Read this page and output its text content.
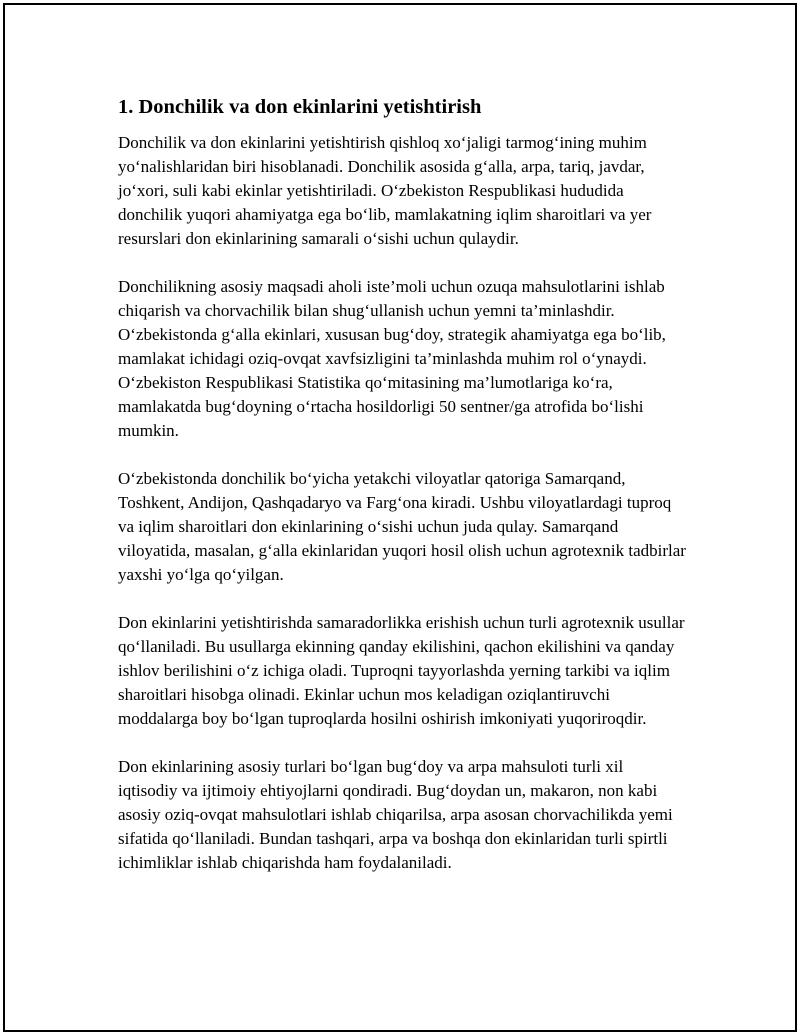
1. Donchilik va don ekinlarini yetishtirish

Donchilik va don ekinlarini yetishtirish qishloq xo‘jaligi tarmog‘ining muhim yo‘nalishlaridan biri hisoblanadi. Donchilik asosida g‘alla, arpa, tariq, javdar, jo‘xori, suli kabi ekinlar yetishtiriladi. O‘zbekiston Respublikasi hududida donchilik yuqori ahamiyatga ega bo‘lib, mamlakatning iqlim sharoitlari va yer resurslari don ekinlarining samarali o‘sishi uchun qulaydir.

Donchilikning asosiy maqsadi aholi iste’moli uchun ozuqa mahsulotlarini ishlab chiqarish va chorvachilik bilan shug‘ullanish uchun yemni ta’minlashdir. O‘zbekistonda g‘alla ekinlari, xususan bug‘doy, strategik ahamiyatga ega bo‘lib, mamlakat ichidagi oziq-ovqat xavfsizligini ta’minlashda muhim rol o‘ynaydi. O‘zbekiston Respublikasi Statistika qo‘mitasining ma’lumotlariga ko‘ra, mamlakatda bug‘doyning o‘rtacha hosildorligi 50 sentner/ga atrofida bo‘lishi mumkin.

O‘zbekistonda donchilik bo‘yicha yetakchi viloyatlar qatoriga Samarqand, Toshkent, Andijon, Qashqadaryo va Farg‘ona kiradi. Ushbu viloyatlardagi tuproq va iqlim sharoitlari don ekinlarining o‘sishi uchun juda qulay. Samarqand viloyatida, masalan, g‘alla ekinlaridan yuqori hosil olish uchun agrotexnik tadbirlar yaxshi yo‘lga qo‘yilgan.

Don ekinlarini yetishtirishda samaradorlikka erishish uchun turli agrotexnik usullar qo‘llaniladi. Bu usullarga ekinning qanday ekilishini, qachon ekilishini va qanday ishlov berilishini o‘z ichiga oladi. Tuproqni tayyorlashda yerning tarkibi va iqlim sharoitlari hisobga olinadi. Ekinlar uchun mos keladigan oziqlantiruvchi moddalarga boy bo‘lgan tuproqlarda hosilni oshirish imkoniyati yuqoriroqdir.

Don ekinlarining asosiy turlari bo‘lgan bug‘doy va arpa mahsuloti turli xil iqtisodiy va ijtimoiy ehtiyojlarni qondiradi. Bug‘doydan un, makaron, non kabi asosiy oziq-ovqat mahsulotlari ishlab chiqarilsa, arpa asosan chorvachilikda yemi sifatida qo‘llaniladi. Bundan tashqari, arpa va boshqa don ekinlaridan turli spirtli ichimliklar ishlab chiqarishda ham foydalaniladi.
